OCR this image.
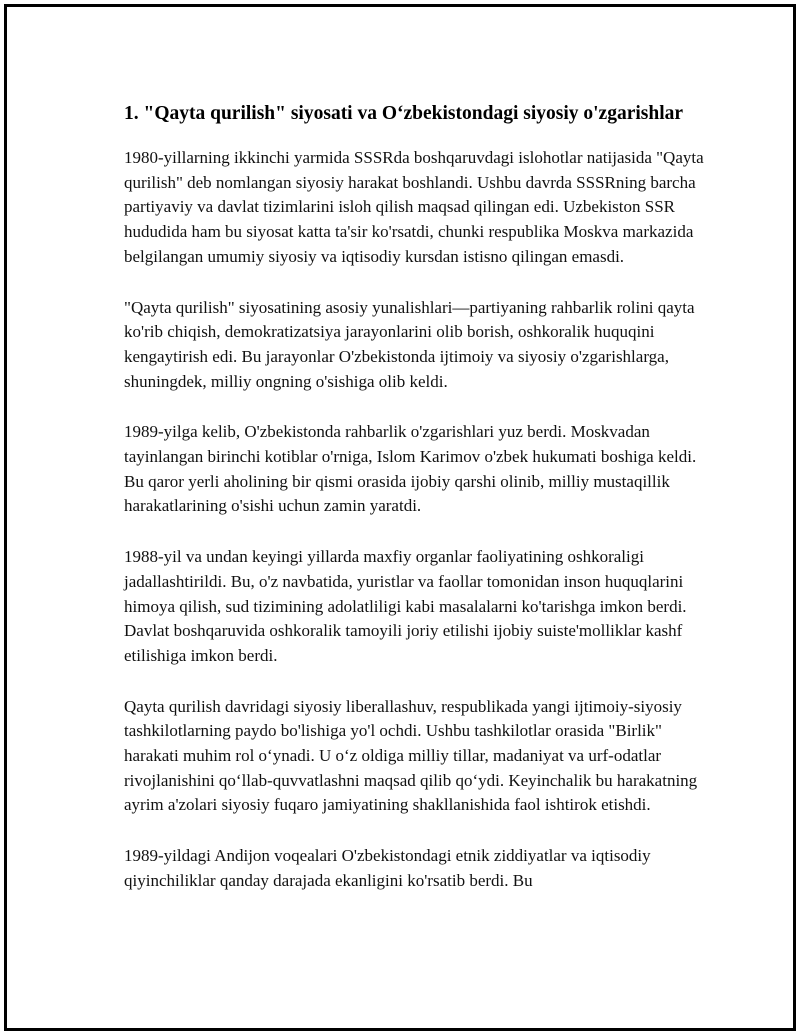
1. "Qayta qurilish" siyosati va O‘zbekistondagi siyosiy o'zgarishlar

1980-yillarning ikkinchi yarmida SSSRda boshqaruvdagi islohotlar natijasida "Qayta qurilish" deb nomlangan siyosiy harakat boshlandi. Ushbu davrda SSSRning barcha partiyaviy va davlat tizimlarini isloh qilish maqsad qilingan edi. Uzbekiston SSR hududida ham bu siyosat katta ta'sir ko'rsatdi, chunki respublika Moskva markazida belgilangan umumiy siyosiy va iqtisodiy kursdan istisno qilingan emasdi.

"Qayta qurilish" siyosatining asosiy yunalishlari—partiyaning rahbarlik rolini qayta ko'rib chiqish, demokratizatsiya jarayonlarini olib borish, oshkoralik huquqini kengaytirish edi. Bu jarayonlar O'zbekistonda ijtimoiy va siyosiy o'zgarishlarga, shuningdek, milliy ongning o'sishiga olib keldi.

1989-yilga kelib, O'zbekistonda rahbarlik o'zgarishlari yuz berdi. Moskvadan tayinlangan birinchi kotiblar o'rniga, Islom Karimov o'zbek hukumati boshiga keldi. Bu qaror yerli aholining bir qismi orasida ijobiy qarshi olinib, milliy mustaqillik harakatlarining o'sishi uchun zamin yaratdi.

1988-yil va undan keyingi yillarda maxfiy organlar faoliyatining oshkoraligi jadallashtirildi. Bu, o'z navbatida, yuristlar va faollar tomonidan inson huquqlarini himoya qilish, sud tizimining adolatliligi kabi masalalarni ko'tarishga imkon berdi. Davlat boshqaruvida oshkoralik tamoyili joriy etilishi ijobiy suiste'molliklar kashf etilishiga imkon berdi.

Qayta qurilish davridagi siyosiy liberallashuv, respublikada yangi ijtimoiy-siyosiy tashkilotlarning paydo bo'lishiga yo'l ochdi. Ushbu tashkilotlar orasida "Birlik" harakati muhim rol o‘ynadi. U o‘z oldiga milliy tillar, madaniyat va urf-odatlar rivojlanishini qo‘llab-quvvatlashni maqsad qilib qo‘ydi. Keyinchalik bu harakatning ayrim a'zolari siyosiy fuqaro jamiyatining shakllanishida faol ishtirok etishdi.

1989-yildagi Andijon voqealari O'zbekistondagi etnik ziddiyatlar va iqtisodiy qiyinchiliklar qanday darajada ekanligini ko'rsatib berdi. Bu
